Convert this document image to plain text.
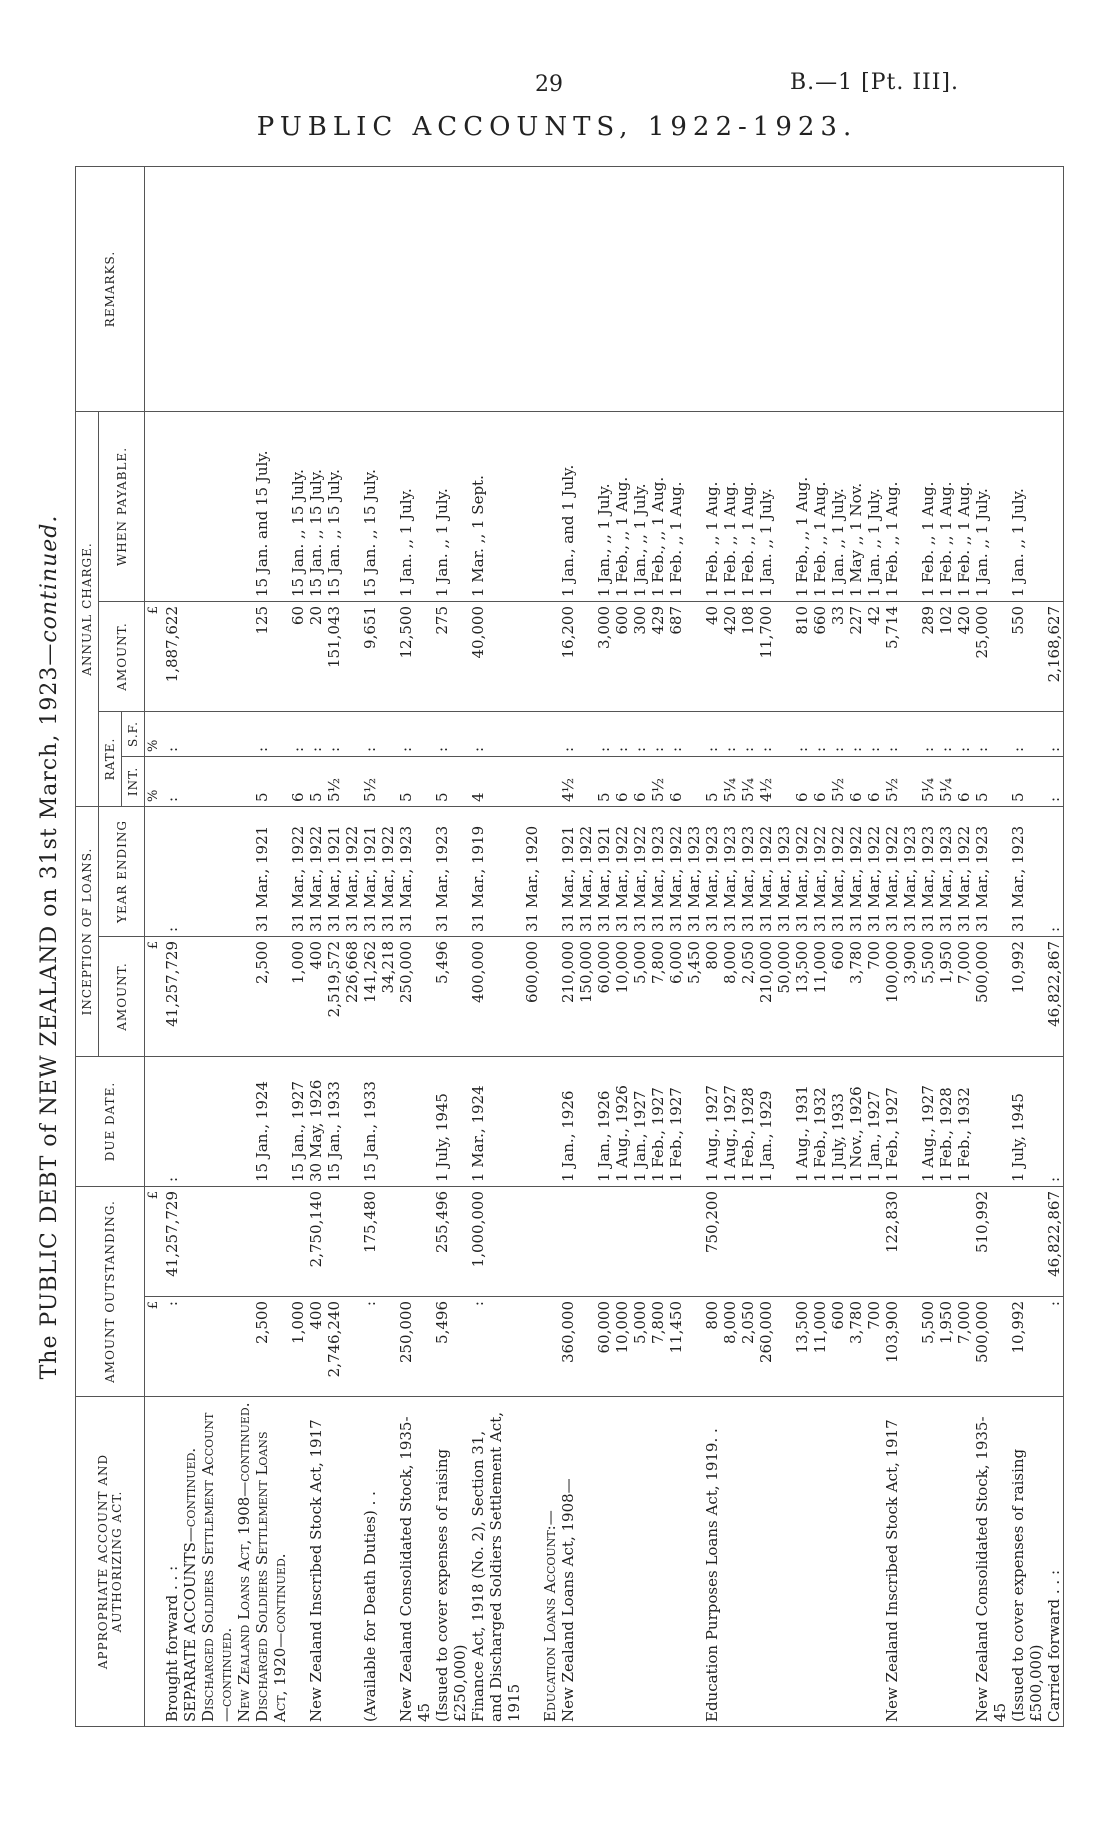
29	B.—1 [Pt. III].
PUBLIC ACCOUNTS, 1922-1923.
The PUBLIC DEBT of NEW ZEALAND on 31st March, 1923—continued.
APPROPRIATE ACCOUNT AND AUTHORIZING ACT.	AMOUNT OUTSTANDING.		DUE DATE.	INCEPTION OF LOANS.		ANNUAL CHARGE.				REMARKS.
				AMOUNT.	YEAR ENDING	RATE.		AMOUNT.	WHEN PAYABLE.	
						INT.	S.F.			
	£	£		£		%	%	£		
Brought forward . . :	:	41,257,729	:	41,257,729	:	:	:	1,887,622		
SEPARATE ACCOUNTS—continued.										
Discharged Soldiers Settlement Account—continued.										
New Zealand Loans Act, 1908—continued.										
Discharged Soldiers Settlement Loans Act, 1920—continued.	2,500		15 Jan., 1924	2,500	31 Mar., 1921	5	:	125	15 Jan. and 15 July.	
	1,000		15 Jan., 1927	1,000	31 Mar., 1922	6	:	60	15 Jan. ,, 15 July.	
New Zealand Inscribed Stock Act, 1917	400	2,750,140	30 May, 1926	400	31 Mar., 1922	5	:	20	15 Jan. ,, 15 July.	
	2,746,240		15 Jan., 1933	2,519,572	31 Mar., 1921	5½	:	151,043	15 Jan. ,, 15 July.	
				226,668	31 Mar., 1922					
(Available for Death Duties) . .	:	175,480	15 Jan., 1933	141,262	31 Mar., 1921	5½	:	9,651	15 Jan. ,, 15 July.	
				34,218	31 Mar., 1922					
New Zealand Consolidated Stock, 1935-45	250,000			250,000	31 Mar., 1923	5	:	12,500	1 Jan. ,, 1 July.	
(Issued to cover expenses of raising £250,000)	5,496	255,496	1 July, 1945	5,496	31 Mar., 1923	5	:	275	1 Jan. ,, 1 July.	
Finance Act, 1918 (No. 2), Section 31, and Discharged Soldiers Settlement Act, 1915	:	1,000,000	1 Mar., 1924	400,000	31 Mar., 1919	4	:	40,000	1 Mar. ,, 1 Sept.	
				600,000	31 Mar., 1920					
Education Loans Account:—										
New Zealand Loans Act, 1908—	360,000		1 Jan., 1926	210,000	31 Mar., 1921	4½	:	16,200	1 Jan., and 1 July.	
				150,000	31 Mar., 1922					
	60,000		1 Jan., 1926	60,000	31 Mar., 1921	5	:	3,000	1 Jan., ,, 1 July.	
	10,000		1 Aug., 1926	10,000	31 Mar., 1922	6	:	600	1 Feb., ,, 1 Aug.	
	5,000		1 Jan., 1927	5,000	31 Mar., 1922	6	:	300	1 Jan., ,, 1 July.	
	7,800		1 Feb., 1927	7,800	31 Mar., 1923	5½	:	429	1 Feb., ,, 1 Aug.	
	11,450		1 Feb., 1927	6,000	31 Mar., 1922	6	:	687	1 Feb. ,, 1 Aug.	
				5,450	31 Mar., 1923					
Education Purposes Loans Act, 1919. .	800	750,200	1 Aug., 1927	800	31 Mar., 1923	5	:	40	1 Feb. ,, 1 Aug.	
	8,000		1 Aug., 1927	8,000	31 Mar., 1923	5¼	:	420	1 Feb. ,, 1 Aug.	
	2,050		1 Feb., 1928	2,050	31 Mar., 1923	5¼	:	108	1 Feb. ,, 1 Aug.	
	260,000		1 Jan., 1929	210,000	31 Mar., 1922	4½	:	11,700	1 Jan. ,, 1 July.	
				50,000	31 Mar., 1923					
	13,500		1 Aug., 1931	13,500	31 Mar., 1922	6	:	810	1 Feb., ,, 1 Aug.	
	11,000		1 Feb., 1932	11,000	31 Mar., 1922	6	:	660	1 Feb. ,, 1 Aug.	
	600		1 July, 1933	600	31 Mar., 1922	5½	:	33	1 Jan. ,, 1 July.	
	3,780		1 Nov., 1926	3,780	31 Mar., 1922	6	:	227	1 May ,, 1 Nov.	
	700		1 Jan., 1927	700	31 Mar., 1922	6	:	42	1 Jan. ,, 1 July.	
New Zealand Inscribed Stock Act, 1917	103,900	122,830	1 Feb., 1927	100,000	31 Mar., 1922	5½	:	5,714	1 Feb. ,, 1 Aug.	
				3,900	31 Mar., 1923					
	5,500		1 Aug., 1927	5,500	31 Mar., 1923	5¼	:	289	1 Feb. ,, 1 Aug.	
	1,950		1 Feb., 1928	1,950	31 Mar., 1923	5¼	:	102	1 Feb. ,, 1 Aug.	
	7,000		1 Feb., 1932	7,000	31 Mar., 1922	6	:	420	1 Feb. ,, 1 Aug.	
New Zealand Consolidated Stock, 1935-45	500,000	510,992		500,000	31 Mar., 1923	5	:	25,000	1 Jan. ,, 1 July.	
(Issued to cover expenses of raising £500,000)	10,992		1 July, 1945	10,992	31 Mar., 1923	5	:	550	1 Jan. ,, 1 July.	
Carried forward . . :	:	46,822,867	:	46,822,867	:	:	:	2,168,627		
